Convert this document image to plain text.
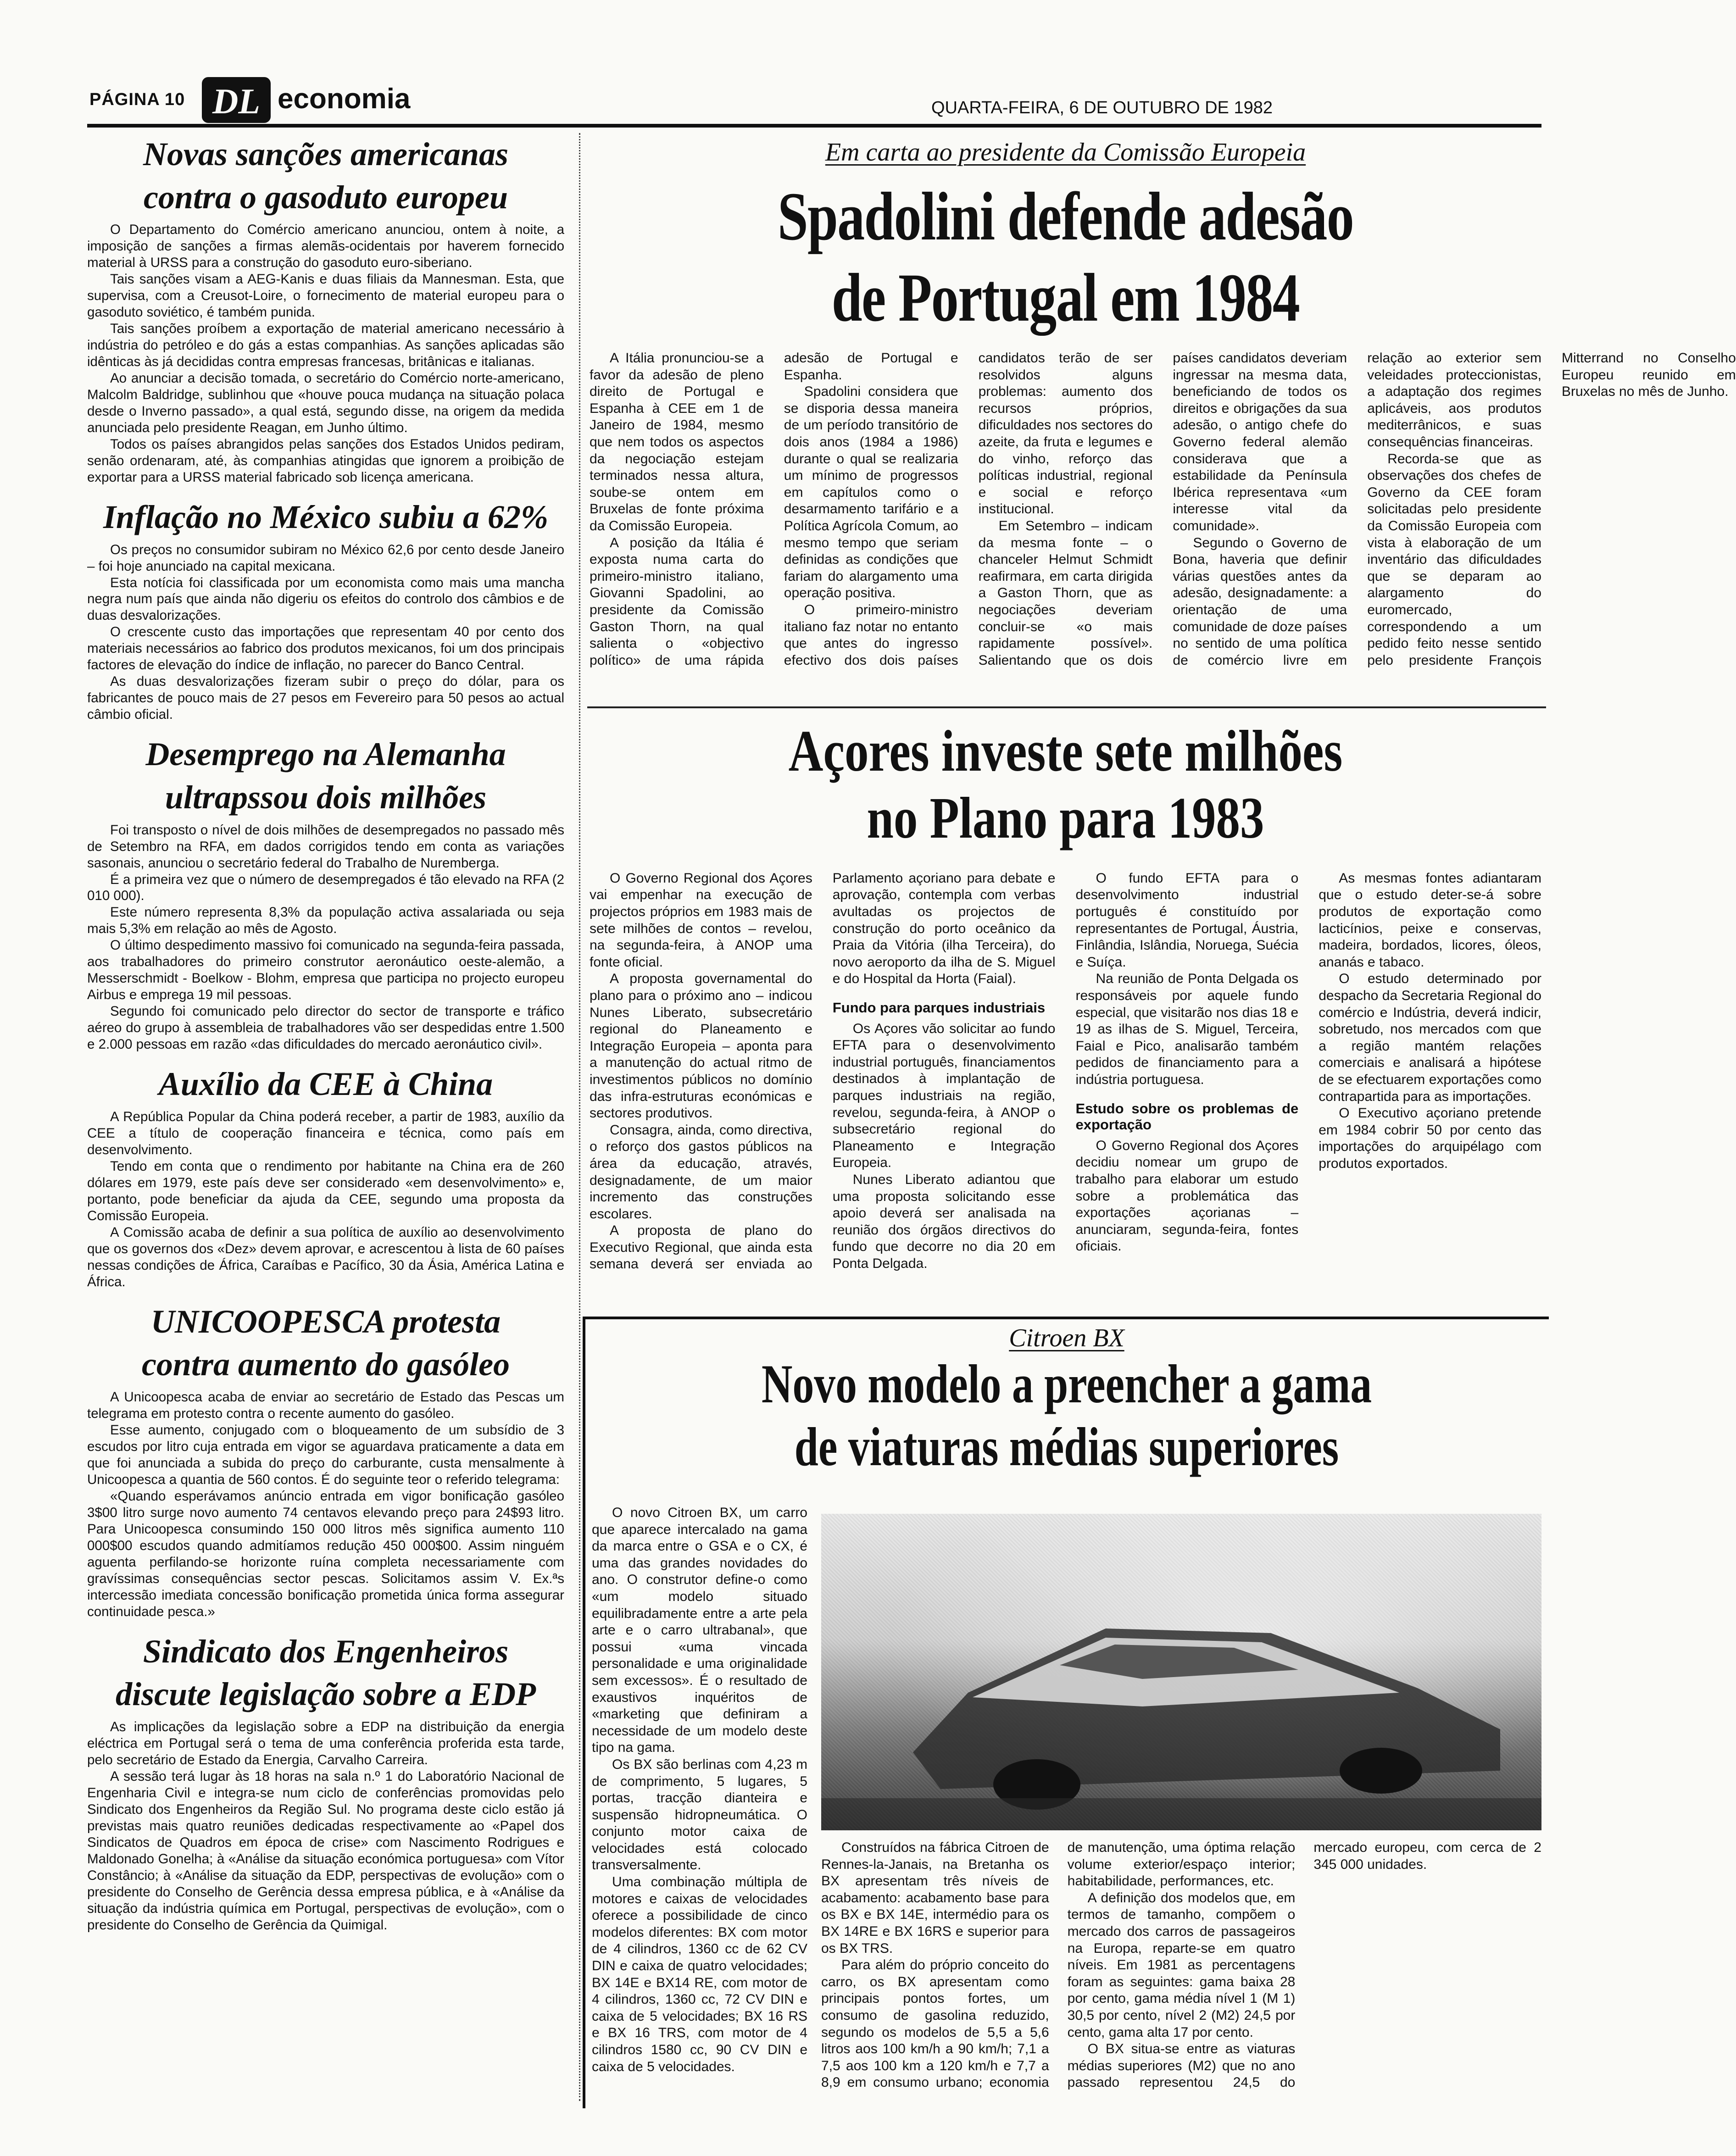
PÁGINA 10 DL economia	QUARTA-FEIRA, 6 DE OUTUBRO DE 1982
Novas sanções americanas
contra o gasoduto europeu

O Departamento do Comércio americano anunciou, ontem à noite, a imposição de sanções a firmas alemãs-ocidentais por haverem fornecido material à URSS para a construção do gasoduto euro-siberiano.

Tais sanções visam a AEG-Kanis e duas filiais da Mannesman. Esta, que supervisa, com a Creusot-Loire, o fornecimento de material europeu para o gasoduto soviético, é também punida.

Tais sanções proíbem a exportação de material americano necessário à indústria do petróleo e do gás a estas companhias. As sanções aplicadas são idênticas às já decididas contra empresas francesas, britânicas e italianas.

Ao anunciar a decisão tomada, o secretário do Comércio norte-americano, Malcolm Baldridge, sublinhou que «houve pouca mudança na situação polaca desde o Inverno passado», a qual está, segundo disse, na origem da medida anunciada pelo presidente Reagan, em Junho último.

Todos os países abrangidos pelas sanções dos Estados Unidos pediram, senão ordenaram, até, às companhias atingidas que ignorem a proibição de exportar para a URSS material fabricado sob licença americana.

Inflação no México subiu a 62%

Os preços no consumidor subiram no México 62,6 por cento desde Janeiro – foi hoje anunciado na capital mexicana.

Esta notícia foi classificada por um economista como mais uma mancha negra num país que ainda não digeriu os efeitos do controlo dos câmbios e de duas desvalorizações.

O crescente custo das importações que representam 40 por cento dos materiais necessários ao fabrico dos produtos mexicanos, foi um dos principais factores de elevação do índice de inflação, no parecer do Banco Central.

As duas desvalorizações fizeram subir o preço do dólar, para os fabricantes de pouco mais de 27 pesos em Fevereiro para 50 pesos ao actual câmbio oficial.

Desemprego na Alemanha
ultrapssou dois milhões

Foi transposto o nível de dois milhões de desempregados no passado mês de Setembro na RFA, em dados corrigidos tendo em conta as variações sasonais, anunciou o secretário federal do Trabalho de Nuremberga.

É a primeira vez que o número de desempregados é tão elevado na RFA (2 010 000).

Este número representa 8,3% da população activa assalariada ou seja mais 5,3% em relação ao mês de Agosto.

O último despedimento massivo foi comunicado na segunda-feira passada, aos trabalhadores do primeiro construtor aeronáutico oeste-alemão, a Messerschmidt - Boelkow - Blohm, empresa que participa no projecto europeu Airbus e emprega 19 mil pessoas.

Segundo foi comunicado pelo director do sector de transporte e tráfico aéreo do grupo à assembleia de trabalhadores vão ser despedidas entre 1.500 e 2.000 pessoas em razão «das dificuldades do mercado aeronáutico civil».

Auxílio da CEE à China

A República Popular da China poderá receber, a partir de 1983, auxílio da CEE a título de cooperação financeira e técnica, como país em desenvolvimento.

Tendo em conta que o rendimento por habitante na China era de 260 dólares em 1979, este país deve ser considerado «em desenvolvimento» e, portanto, pode beneficiar da ajuda da CEE, segundo uma proposta da Comissão Europeia.

A Comissão acaba de definir a sua política de auxílio ao desenvolvimento que os governos dos «Dez» devem aprovar, e acrescentou à lista de 60 países nessas condições de África, Caraíbas e Pacífico, 30 da Ásia, América Latina e África.

UNICOOPESCA protesta
contra aumento do gasóleo

A Unicoopesca acaba de enviar ao secretário de Estado das Pescas um telegrama em protesto contra o recente aumento do gasóleo.

Esse aumento, conjugado com o bloqueamento de um subsídio de 3 escudos por litro cuja entrada em vigor se aguardava praticamente a data em que foi anunciada a subida do preço do carburante, custa mensalmente à Unicoopesca a quantia de 560 contos. É do seguinte teor o referido telegrama:

«Quando esperávamos anúncio entrada em vigor bonificação gasóleo 3$00 litro surge novo aumento 74 centavos elevando preço para 24$93 litro. Para Unicoopesca consumindo 150 000 litros mês significa aumento 110 000$00 escudos quando admitíamos redução 450 000$00. Assim ninguém aguenta perfilando-se horizonte ruína completa necessariamente com gravíssimas consequências sector pescas. Solicitamos assim V. Ex.ªs intercessão imediata concessão bonificação prometida única forma assegurar continuidade pesca.»

Sindicato dos Engenheiros
discute legislação sobre a EDP

As implicações da legislação sobre a EDP na distribuição da energia eléctrica em Portugal será o tema de uma conferência proferida esta tarde, pelo secretário de Estado da Energia, Carvalho Carreira.

A sessão terá lugar às 18 horas na sala n.º 1 do Laboratório Nacional de Engenharia Civil e integra-se num ciclo de conferências promovidas pelo Sindicato dos Engenheiros da Região Sul. No programa deste ciclo estão já previstas mais quatro reuniões dedicadas respectivamente ao «Papel dos Sindicatos de Quadros em época de crise» com Nascimento Rodrigues e Maldonado Gonelha; à «Análise da situação económica portuguesa» com Vítor Constâncio; à «Análise da situação da EDP, perspectivas de evolução» com o presidente do Conselho de Gerência dessa empresa pública, e à «Análise da situação da indústria química em Portugal, perspectivas de evolução», com o presidente do Conselho de Gerência da Quimigal.

Em carta ao presidente da Comissão Europeia
Spadolini defende adesão
de Portugal em 1984

A Itália pronunciou-se a favor da adesão de pleno direito de Portugal e Espanha à CEE em 1 de Janeiro de 1984, mesmo que nem todos os aspectos da negociação estejam terminados nessa altura, soube-se ontem em Bruxelas de fonte próxima da Comissão Europeia.

A posição da Itália é exposta numa carta do primeiro-ministro italiano, Giovanni Spadolini, ao presidente da Comissão Gaston Thorn, na qual salienta o «objectivo político» de uma rápida adesão de Portugal e Espanha.

Spadolini considera que se disporia dessa maneira de um período transitório de dois anos (1984 a 1986) durante o qual se realizaria um mínimo de progressos em capítulos como o desarmamento tarifário e a Política Agrícola Comum, ao mesmo tempo que seriam definidas as condições que fariam do alargamento uma operação positiva.

O primeiro-ministro italiano faz notar no entanto que antes do ingresso efectivo dos dois países candidatos terão de ser resolvidos alguns problemas: aumento dos recursos próprios, dificuldades nos sectores do azeite, da fruta e legumes e do vinho, reforço das políticas industrial, regional e social e reforço institucional.

Em Setembro – indicam da mesma fonte – o chanceler Helmut Schmidt reafirmara, em carta dirigida a Gaston Thorn, que as negociações deveriam concluir-se «o mais rapidamente possível». Salientando que os dois países candidatos deveriam ingressar na mesma data, beneficiando de todos os direitos e obrigações da sua adesão, o antigo chefe do Governo federal alemão considerava que a estabilidade da Península Ibérica representava «um interesse vital da comunidade».

Segundo o Governo de Bona, haveria que definir várias questões antes da adesão, designadamente: a orientação de uma comunidade de doze países no sentido de uma política de comércio livre em relação ao exterior sem veleidades proteccionistas, a adaptação dos regimes aplicáveis, aos produtos mediterrânicos, e suas consequências financeiras.

Recorda-se que as observações dos chefes de Governo da CEE foram solicitadas pelo presidente da Comissão Europeia com vista à elaboração de um inventário das dificuldades que se deparam ao alargamento do euromercado, correspondendo a um pedido feito nesse sentido pelo presidente François Mitterrand no Conselho Europeu reunido em Bruxelas no mês de Junho.

Açores investe sete milhões
no Plano para 1983

O Governo Regional dos Açores vai empenhar na execução de projectos próprios em 1983 mais de sete milhões de contos – revelou, na segunda-feira, à ANOP uma fonte oficial.

A proposta governamental do plano para o próximo ano – indicou Nunes Liberato, subsecretário regional do Planeamento e Integração Europeia – aponta para a manutenção do actual ritmo de investimentos públicos no domínio das infra-estruturas económicas e sectores produtivos.

Consagra, ainda, como directiva, o reforço dos gastos públicos na área da educação, através, designadamente, de um maior incremento das construções escolares.

A proposta de plano do Executivo Regional, que ainda esta semana deverá ser enviada ao Parlamento açoriano para debate e aprovação, contempla com verbas avultadas os projectos de construção do porto oceânico da Praia da Vitória (ilha Terceira), do novo aeroporto da ilha de S. Miguel e do Hospital da Horta (Faial).

Fundo para parques industriais

Os Açores vão solicitar ao fundo EFTA para o desenvolvimento industrial português, financiamentos destinados à implantação de parques industriais na região, revelou, segunda-feira, à ANOP o subsecretário regional do Planeamento e Integração Europeia.

Nunes Liberato adiantou que uma proposta solicitando esse apoio deverá ser analisada na reunião dos órgãos directivos do fundo que decorre no dia 20 em Ponta Delgada.

O fundo EFTA para o desenvolvimento industrial português é constituído por representantes de Portugal, Áustria, Finlândia, Islândia, Noruega, Suécia e Suíça.

Na reunião de Ponta Delgada os responsáveis por aquele fundo especial, que visitarão nos dias 18 e 19 as ilhas de S. Miguel, Terceira, Faial e Pico, analisarão também pedidos de financiamento para a indústria portuguesa.

Estudo sobre os problemas de exportação

O Governo Regional dos Açores decidiu nomear um grupo de trabalho para elaborar um estudo sobre a problemática das exportações açorianas – anunciaram, segunda-feira, fontes oficiais.

As mesmas fontes adiantaram que o estudo deter-se-á sobre produtos de exportação como lacticínios, peixe e conservas, madeira, bordados, licores, óleos, ananás e tabaco.

O estudo determinado por despacho da Secretaria Regional do comércio e Indústria, deverá indicir, sobretudo, nos mercados com que a região mantém relações comerciais e analisará a hipótese de se efectuarem exportações como contrapartida para as importações.

O Executivo açoriano pretende em 1984 cobrir 50 por cento das importações do arquipélago com produtos exportados.

Citroen BX
Novo modelo a preencher a gama
de viaturas médias superiores

O novo Citroen BX, um carro que aparece intercalado na gama da marca entre o GSA e o CX, é uma das grandes novidades do ano. O construtor define-o como «um modelo situado equilibradamente entre a arte pela arte e o carro ultrabanal», que possui «uma vincada personalidade e uma originalidade sem excessos». É o resultado de exaustivos inquéritos de «marketing que definiram a necessidade de um modelo deste tipo na gama.

Os BX são berlinas com 4,23 m de comprimento, 5 lugares, 5 portas, tracção dianteira e suspensão hidropneumática. O conjunto motor caixa de velocidades está colocado transversalmente.

Uma combinação múltipla de motores e caixas de velocidades oferece a possibilidade de cinco modelos diferentes: BX com motor de 4 cilindros, 1360 cc de 62 CV DIN e caixa de quatro velocidades; BX 14E e BX14 RE, com motor de 4 cilindros, 1360 cc, 72 CV DIN e caixa de 5 velocidades; BX 16 RS e BX 16 TRS, com motor de 4 cilindros 1580 cc, 90 CV DIN e caixa de 5 velocidades.

Construídos na fábrica Citroen de Rennes-la-Janais, na Bretanha os BX apresentam três níveis de acabamento: acabamento base para os BX e BX 14E, intermédio para os BX 14RE e BX 16RS e superior para os BX TRS.

Para além do próprio conceito do carro, os BX apresentam como principais pontos fortes, um consumo de gasolina reduzido, segundo os modelos de 5,5 a 5,6 litros aos 100 km/h a 90 km/h; 7,1 a 7,5 aos 100 km a 120 km/h e 7,7 a 8,9 em consumo urbano; economia de manutenção, uma óptima relação volume exterior/espaço interior; habitabilidade, performances, etc.

A definição dos modelos que, em termos de tamanho, compõem o mercado dos carros de passageiros na Europa, reparte-se em quatro níveis. Em 1981 as percentagens foram as seguintes: gama baixa 28 por cento, gama média nível 1 (M 1) 30,5 por cento, nível 2 (M2) 24,5 por cento, gama alta 17 por cento.

O BX situa-se entre as viaturas médias superiores (M2) que no ano passado representou 24,5 do mercado europeu, com cerca de 2 345 000 unidades.
